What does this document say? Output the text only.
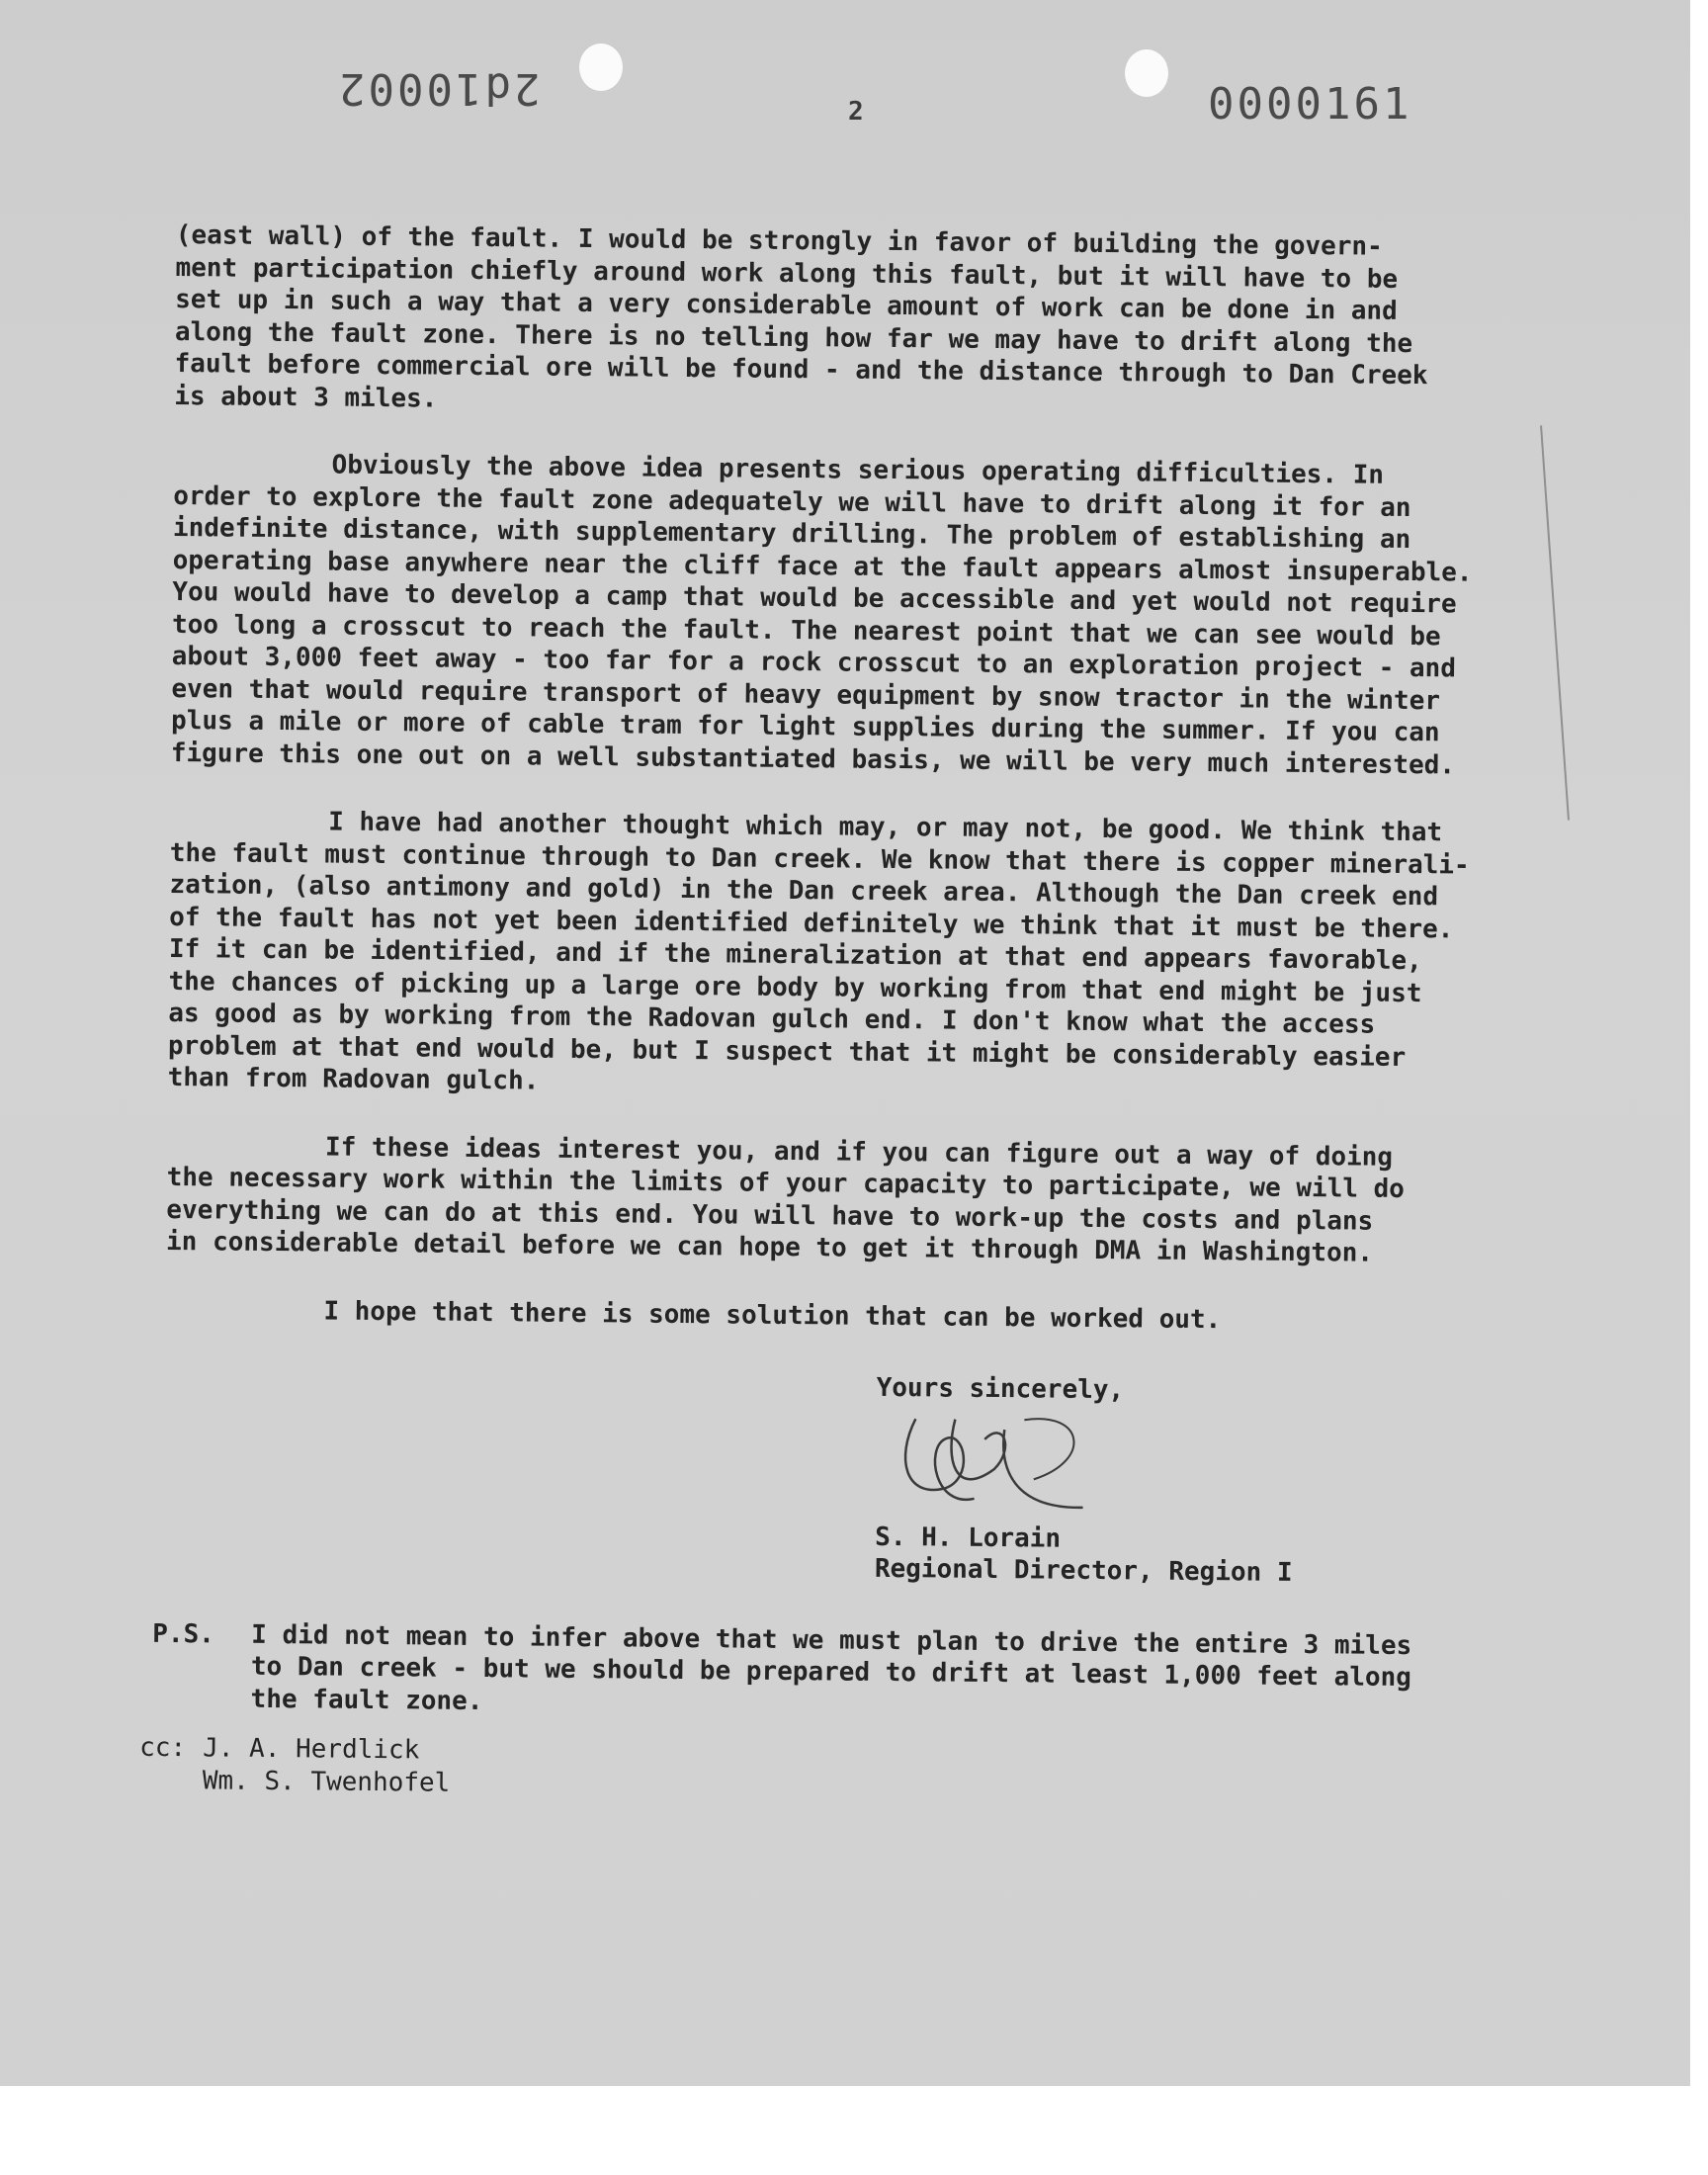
2d10002	2	0000161

(east wall) of the fault. I would be strongly in favor of building the govern-
ment participation chiefly around work along this fault, but it will have to be
set up in such a way that a very considerable amount of work can be done in and
along the fault zone. There is no telling how far we may have to drift along the
fault before commercial ore will be found - and the distance through to Dan Creek
is about 3 miles.

Obviously the above idea presents serious operating difficulties. In
order to explore the fault zone adequately we will have to drift along it for an
indefinite distance, with supplementary drilling. The problem of establishing an
operating base anywhere near the cliff face at the fault appears almost insuperable.
You would have to develop a camp that would be accessible and yet would not require
too long a crosscut to reach the fault. The nearest point that we can see would be
about 3,000 feet away - too far for a rock crosscut to an exploration project - and
even that would require transport of heavy equipment by snow tractor in the winter
plus a mile or more of cable tram for light supplies during the summer. If you can
figure this one out on a well substantiated basis, we will be very much interested.

I have had another thought which may, or may not, be good. We think that
the fault must continue through to Dan creek. We know that there is copper minerali-
zation, (also antimony and gold) in the Dan creek area. Although the Dan creek end
of the fault has not yet been identified definitely we think that it must be there.
If it can be identified, and if the mineralization at that end appears favorable,
the chances of picking up a large ore body by working from that end might be just
as good as by working from the Radovan gulch end. I don't know what the access
problem at that end would be, but I suspect that it might be considerably easier
than from Radovan gulch.

If these ideas interest you, and if you can figure out a way of doing
the necessary work within the limits of your capacity to participate, we will do
everything we can do at this end. You will have to work-up the costs and plans
in considerable detail before we can hope to get it through DMA in Washington.

I hope that there is some solution that can be worked out.

Yours sincerely,
S. H. Lorain
Regional Director, Region I
P.S.	I did not mean to infer above that we must plan to drive the entire 3 miles
to Dan creek - but we should be prepared to drift at least 1,000 feet along
the fault zone.
cc: J. A. Herdlick
Wm. S. Twenhofel
